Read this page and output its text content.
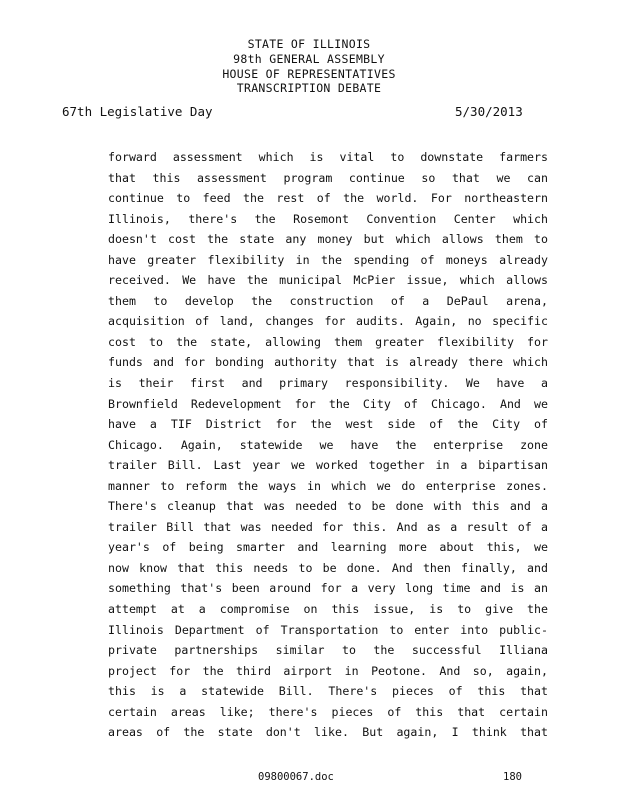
STATE OF ILLINOIS
98th GENERAL ASSEMBLY
HOUSE OF REPRESENTATIVES
TRANSCRIPTION DEBATE
67th Legislative Day	5/30/2013
forward assessment which is vital to downstate farmers
that this assessment program continue so that we can
continue to feed the rest of the world. For northeastern
Illinois, there's the Rosemont Convention Center which
doesn't cost the state any money but which allows them to
have greater flexibility in the spending of moneys already
received. We have the municipal McPier issue, which allows
them to develop the construction of a DePaul arena,
acquisition of land, changes for audits. Again, no specific
cost to the state, allowing them greater flexibility for
funds and for bonding authority that is already there which
is their first and primary responsibility. We have a
Brownfield Redevelopment for the City of Chicago. And we
have a TIF District for the west side of the City of
Chicago. Again, statewide we have the enterprise zone
trailer Bill. Last year we worked together in a bipartisan
manner to reform the ways in which we do enterprise zones.
There's cleanup that was needed to be done with this and a
trailer Bill that was needed for this. And as a result of a
year's of being smarter and learning more about this, we
now know that this needs to be done. And then finally, and
something that's been around for a very long time and is an
attempt at a compromise on this issue, is to give the
Illinois Department of Transportation to enter into public-
private partnerships similar to the successful Illiana
project for the third airport in Peotone. And so, again,
this is a statewide Bill. There's pieces of this that
certain areas like; there's pieces of this that certain
areas of the state don't like. But again, I think that
09800067.doc	180
